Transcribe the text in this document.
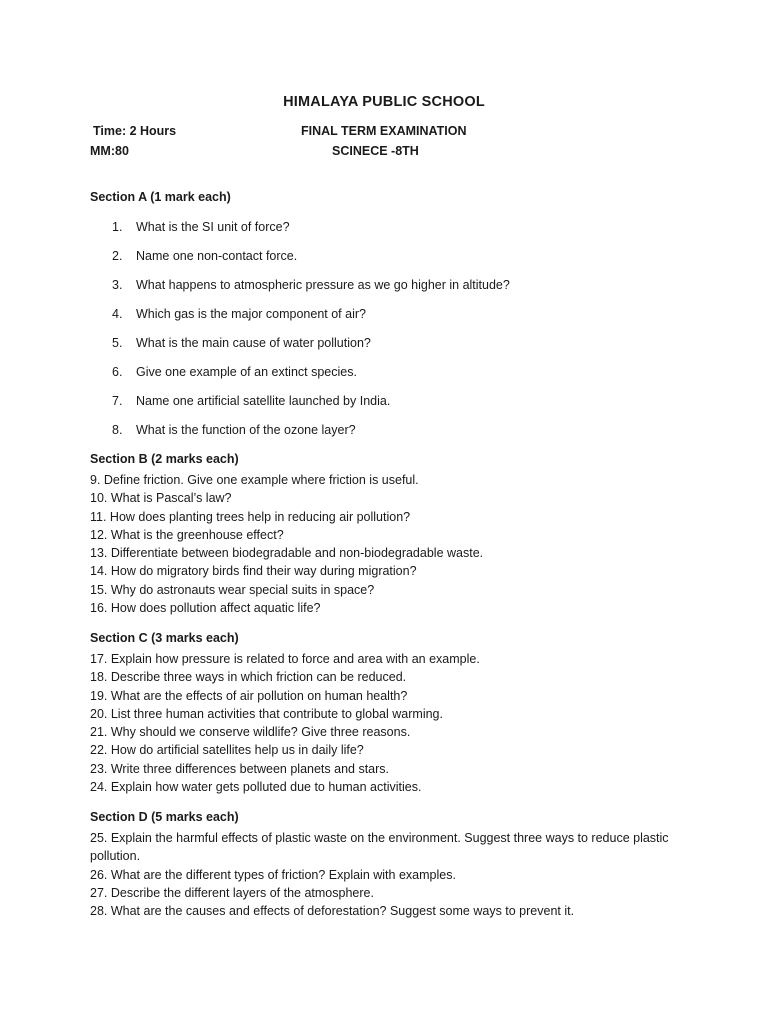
HIMALAYA PUBLIC SCHOOL
Time: 2 Hours
MM:80
FINAL TERM EXAMINATION
SCINECE -8TH
Section A (1 mark each)
1. What is the SI unit of force?
2. Name one non-contact force.
3. What happens to atmospheric pressure as we go higher in altitude?
4. Which gas is the major component of air?
5. What is the main cause of water pollution?
6. Give one example of an extinct species.
7. Name one artificial satellite launched by India.
8. What is the function of the ozone layer?
Section B (2 marks each)
9. Define friction. Give one example where friction is useful.
10. What is Pascal’s law?
11. How does planting trees help in reducing air pollution?
12. What is the greenhouse effect?
13. Differentiate between biodegradable and non-biodegradable waste.
14. How do migratory birds find their way during migration?
15. Why do astronauts wear special suits in space?
16. How does pollution affect aquatic life?
Section C (3 marks each)
17. Explain how pressure is related to force and area with an example.
18. Describe three ways in which friction can be reduced.
19. What are the effects of air pollution on human health?
20. List three human activities that contribute to global warming.
21. Why should we conserve wildlife? Give three reasons.
22. How do artificial satellites help us in daily life?
23. Write three differences between planets and stars.
24. Explain how water gets polluted due to human activities.
Section D (5 marks each)
25. Explain the harmful effects of plastic waste on the environment. Suggest three ways to reduce plastic pollution.
26. What are the different types of friction? Explain with examples.
27. Describe the different layers of the atmosphere.
28. What are the causes and effects of deforestation? Suggest some ways to prevent it.
